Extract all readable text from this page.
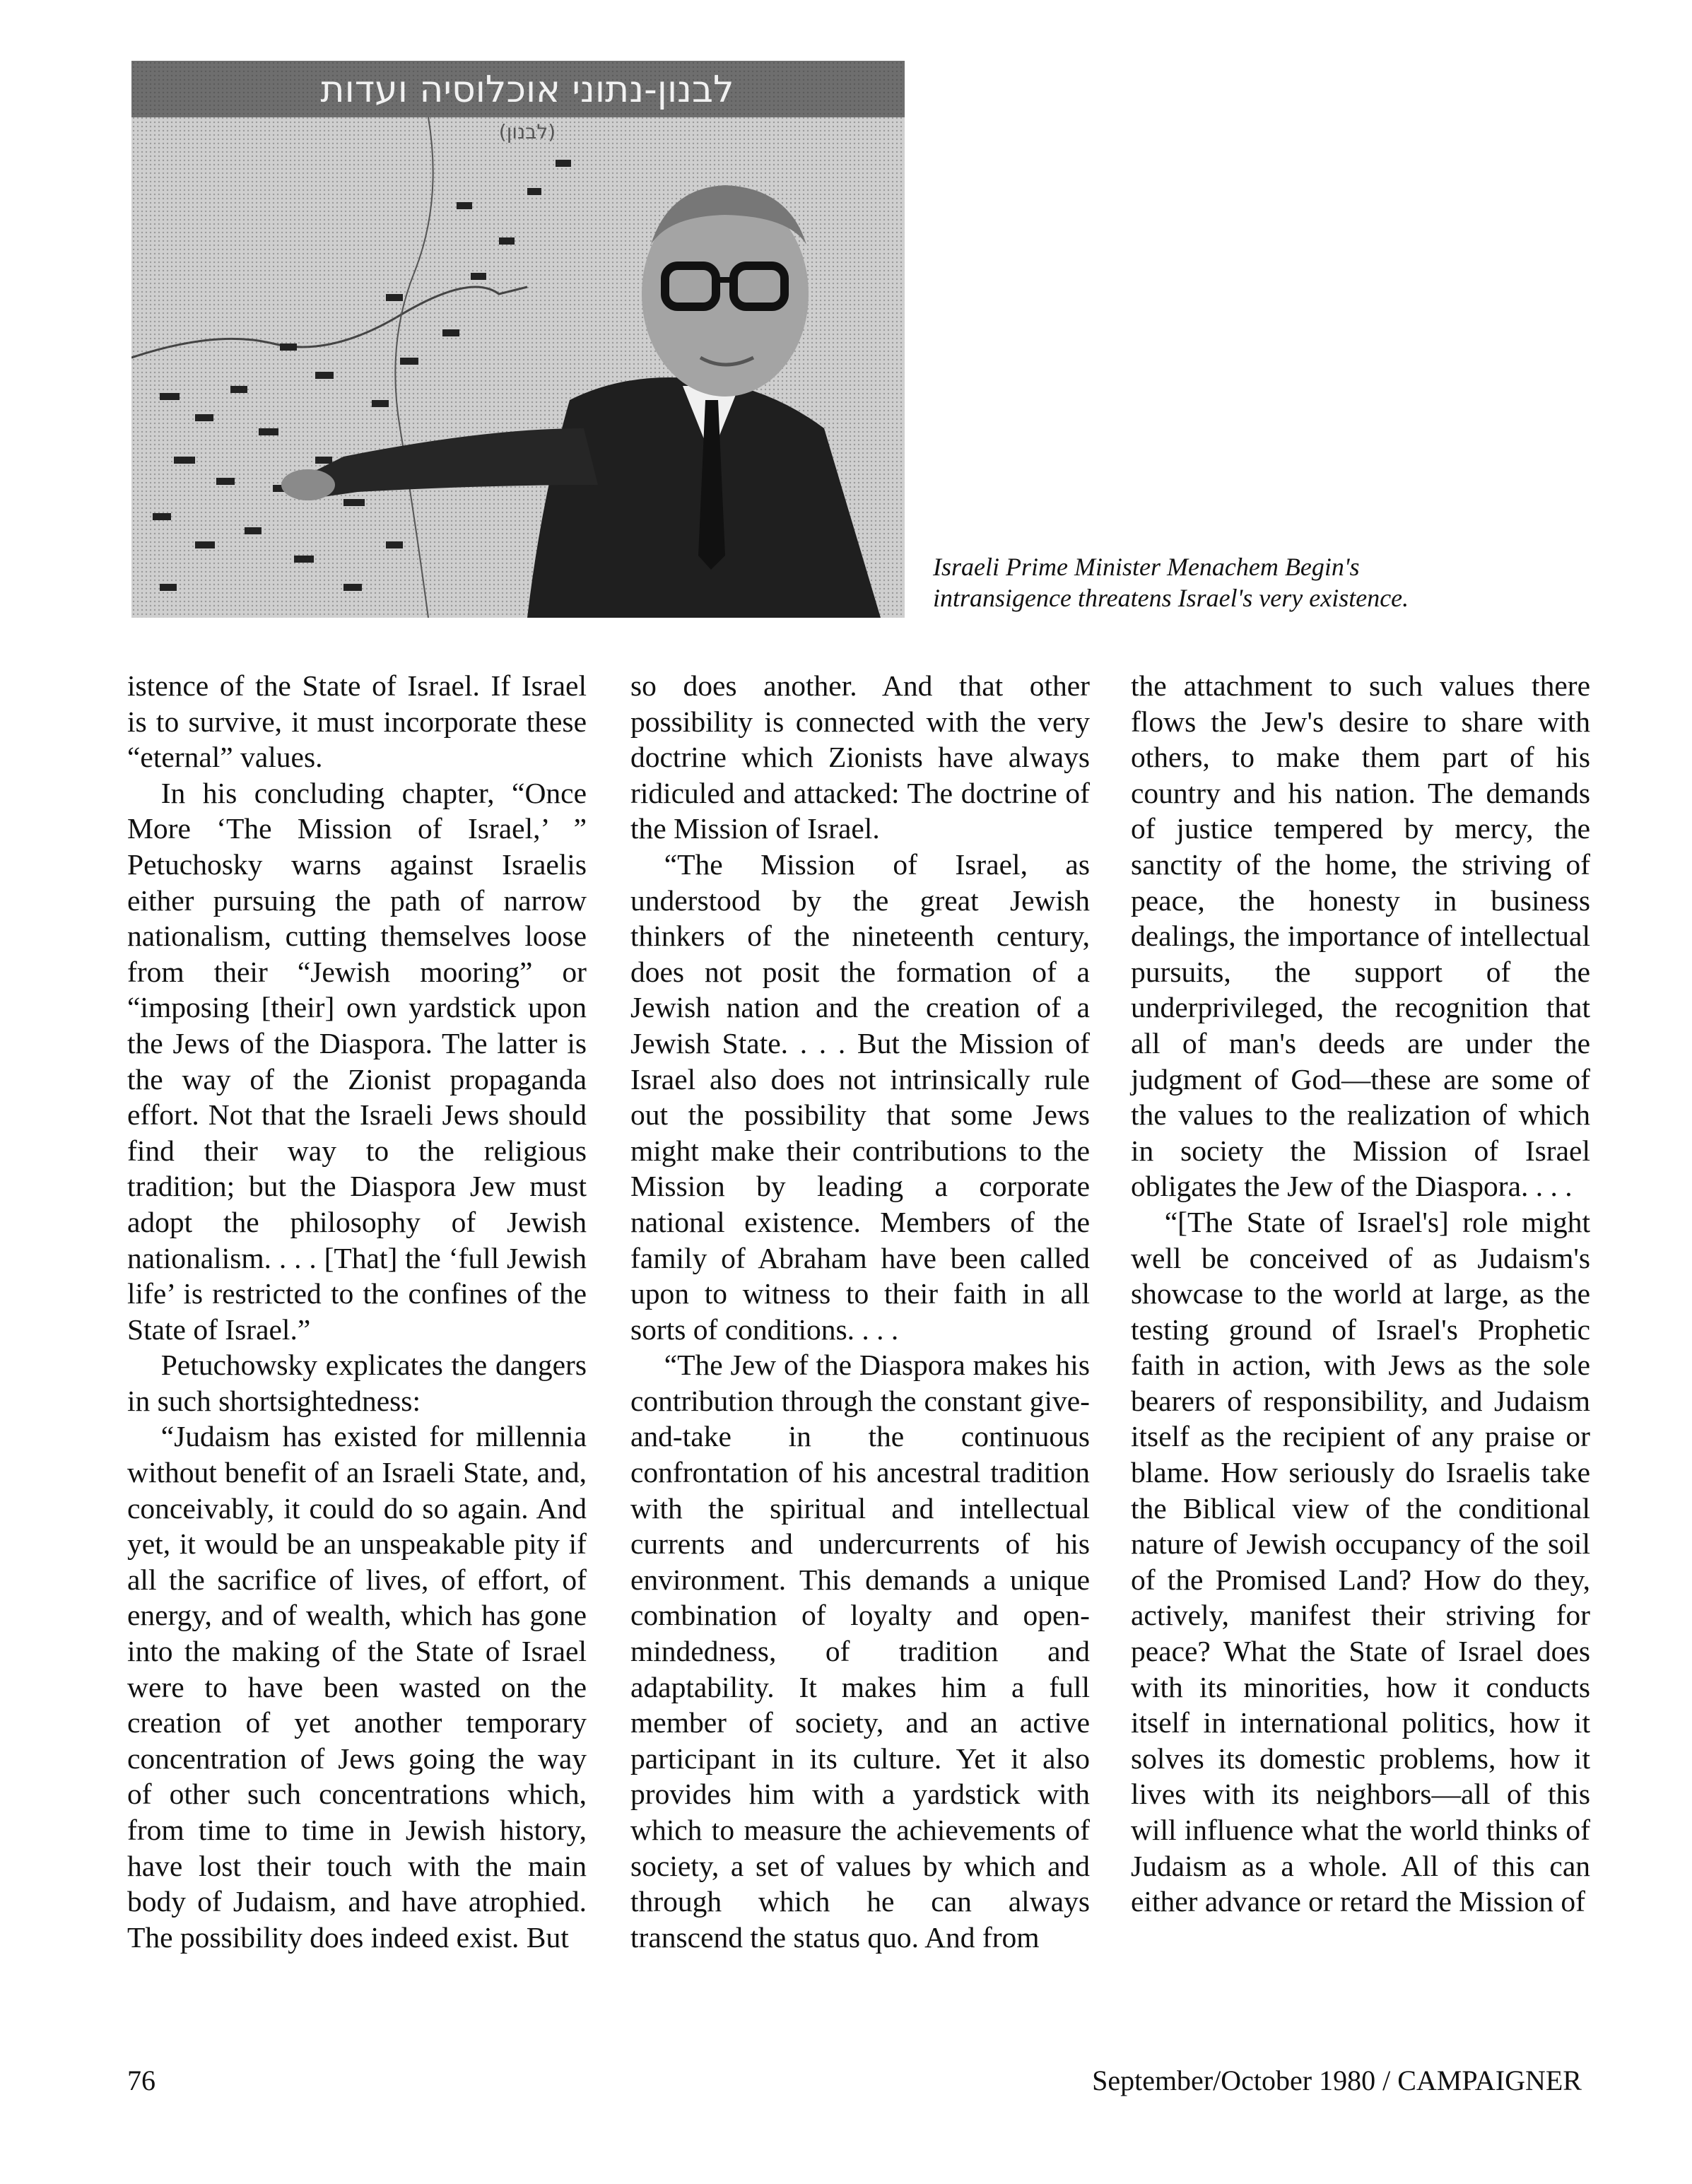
לבנון-נתוני אוכלוסיה ועדות
(לבנון)
Israeli Prime Minister Menachem Begin's
intransigence threatens Israel's very existence.

istence of the State of Israel. If Israel is to survive, it must incorporate these “eternal” values.

In his concluding chapter, “Once More ‘The Mission of Israel,’ ” Petuchosky warns against Israelis either pursuing the path of narrow nationalism, cutting themselves loose from their “Jewish mooring” or “imposing [their] own yardstick upon the Jews of the Diaspora. The latter is the way of the Zionist propaganda effort. Not that the Israeli Jews should find their way to the religious tradition; but the Diaspora Jew must adopt the philosophy of Jewish nationalism. . . . [That] the ‘full Jewish life’ is restricted to the confines of the State of Israel.”

Petuchowsky explicates the dangers in such shortsightedness:

“Judaism has existed for millennia without benefit of an Israeli State, and, conceivably, it could do so again. And yet, it would be an unspeakable pity if all the sacrifice of lives, of effort, of energy, and of wealth, which has gone into the making of the State of Israel were to have been wasted on the creation of yet another temporary concentration of Jews going the way of other such concentrations which, from time to time in Jewish history, have lost their touch with the main body of Judaism, and have atrophied. The possibility does indeed exist. But

so does another. And that other possibility is connected with the very doctrine which Zionists have always ridiculed and attacked: The doctrine of the Mission of Israel.

“The Mission of Israel, as understood by the great Jewish thinkers of the nineteenth century, does not posit the formation of a Jewish nation and the creation of a Jewish State. . . . But the Mission of Israel also does not intrinsically rule out the possibility that some Jews might make their contributions to the Mission by leading a corporate national existence. Members of the family of Abraham have been called upon to witness to their faith in all sorts of conditions. . . .

“The Jew of the Diaspora makes his contribution through the constant give-and-take in the continuous confrontation of his ancestral tradition with the spiritual and intellectual currents and undercurrents of his environment. This demands a unique combination of loyalty and open-mindedness, of tradition and adaptability. It makes him a full member of society, and an active participant in its culture. Yet it also provides him with a yardstick with which to measure the achievements of society, a set of values by which and through which he can always transcend the status quo. And from

the attachment to such values there flows the Jew's desire to share with others, to make them part of his country and his nation. The demands of justice tempered by mercy, the sanctity of the home, the striving of peace, the honesty in business dealings, the importance of intellectual pursuits, the support of the underprivileged, the recognition that all of man's deeds are under the judgment of God—these are some of the values to the realization of which in society the Mission of Israel obligates the Jew of the Diaspora. . . .

“[The State of Israel's] role might well be conceived of as Judaism's showcase to the world at large, as the testing ground of Israel's Prophetic faith in action, with Jews as the sole bearers of responsibility, and Judaism itself as the recipient of any praise or blame. How seriously do Israelis take the Biblical view of the conditional nature of Jewish occupancy of the soil of the Promised Land? How do they, actively, manifest their striving for peace? What the State of Israel does with its minorities, how it conducts itself in international politics, how it solves its domestic problems, how it lives with its neighbors—all of this will influence what the world thinks of Judaism as a whole. All of this can either advance or retard the Mission of

76	September/October 1980 / CAMPAIGNER
